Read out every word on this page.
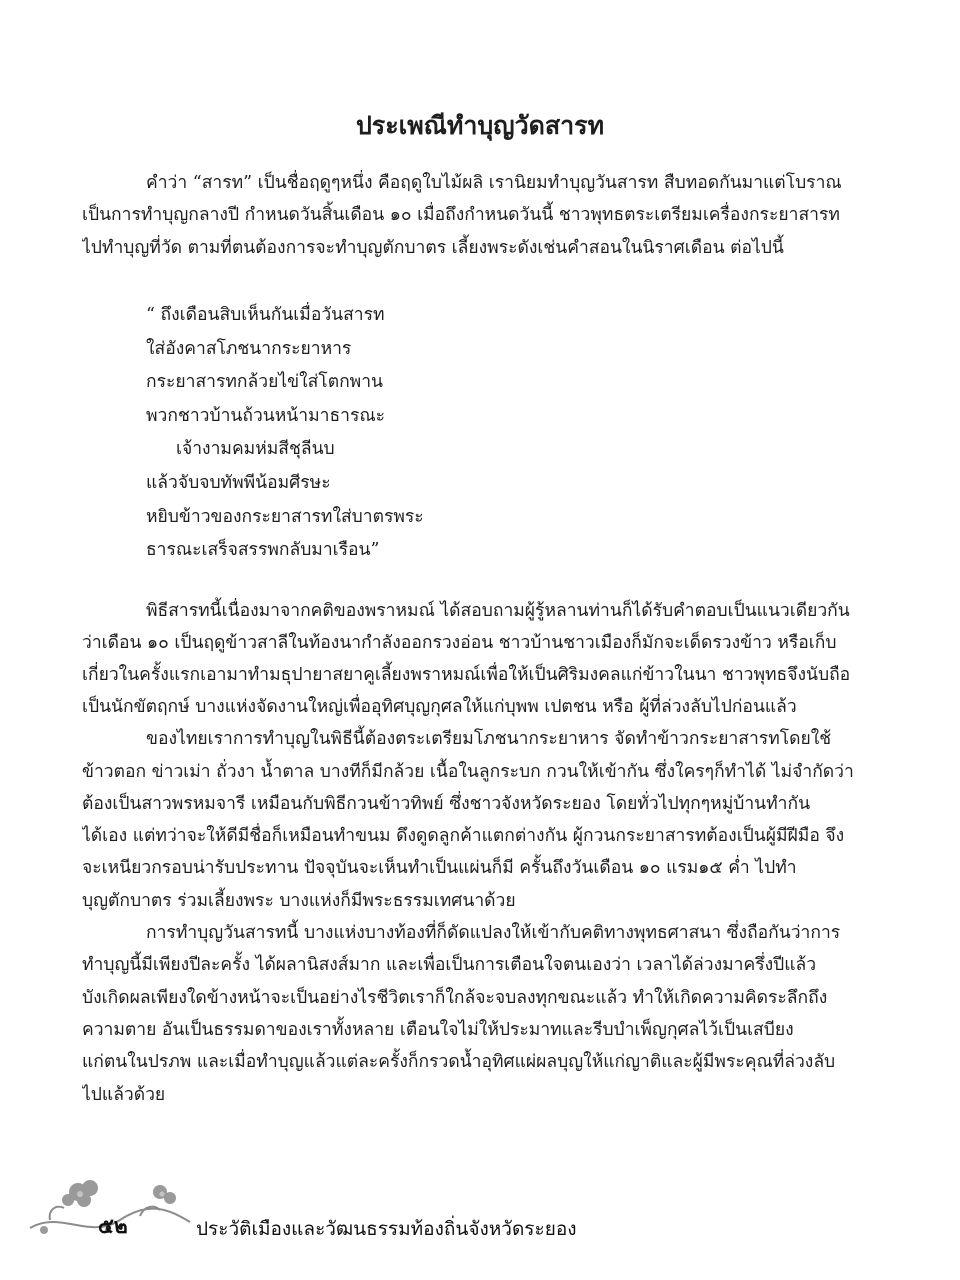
ประเพณีทำบุญวัดสารท
คำว่า “สารท” เป็นชื่อฤดูๆหนึ่ง คือฤดูใบไม้ผลิ เรานิยมทำบุญวันสารท สืบทอดกันมาแต่โบราณ
เป็นการทำบุญกลางปี กำหนดวันสิ้นเดือน ๑๐ เมื่อถึงกำหนดวันนี้ ชาวพุทธตระเตรียมเครื่องกระยาสารท
ไปทำบุญที่วัด ตามที่ตนต้องการจะทำบุญตักบาตร เลี้ยงพระดังเช่นคำสอนในนิราศเดือน ต่อไปนี้
“ ถึงเดือนสิบเห็นกันเมื่อวันสารท
ใส่อังคาสโภชนากระยาหาร
กระยาสารทกล้วยไข่ใส่โตกพาน
พวกชาวบ้านถ้วนหน้ามาธารณะ
เจ้างามคมห่มสีชุลีนบ
แล้วจับจบทัพพีน้อมศีรษะ
หยิบข้าวของกระยาสารทใส่บาตรพระ
ธารณะเสร็จสรรพกลับมาเรือน”
พิธีสารทนี้เนื่องมาจากคติของพราหมณ์ ได้สอบถามผู้รู้หลานท่านก็ได้รับคำตอบเป็นแนวเดียวกัน
ว่าเดือน ๑๐ เป็นฤดูข้าวสาลีในท้องนากำลังออกรวงอ่อน ชาวบ้านชาวเมืองก็มักจะเด็ดรวงข้าว หรือเก็บ
เกี่ยวในครั้งแรกเอามาทำมธุปายาสยาคูเลี้ยงพราหมณ์เพื่อให้เป็นศิริมงคลแก่ข้าวในนา ชาวพุทธจึงนับถือ
เป็นนักขัตฤกษ์ บางแห่งจัดงานใหญ่เพื่ออุทิศบุญกุศลให้แก่บุพพ เปตชน หรือ ผู้ที่ล่วงลับไปก่อนแล้ว
ของไทยเราการทำบุญในพิธีนี้ต้องตระเตรียมโภชนากระยาหาร จัดทำข้าวกระยาสารทโดยใช้
ข้าวตอก ข่าวเม่า ถั่วงา น้ำตาล บางทีก็มีกล้วย เนื้อในลูกระบก กวนให้เข้ากัน ซึ่งใครๆก็ทำได้ ไม่จำกัดว่า
ต้องเป็นสาวพรหมจารี เหมือนกับพิธีกวนข้าวทิพย์ ซึ่งชาวจังหวัดระยอง โดยทั่วไปทุกๆหมู่บ้านทำกัน
ได้เอง แต่ทว่าจะให้ดีมีชื่อก็เหมือนทำขนม ดึงดูดลูกค้าแตกต่างกัน ผู้กวนกระยาสารทต้องเป็นผู้มีฝีมือ จึง
จะเหนียวกรอบน่ารับประทาน ปัจจุบันจะเห็นทำเป็นแผ่นก็มี ครั้นถึงวันเดือน ๑๐ แรม๑๕ ค่ำ ไปทำ
บุญตักบาตร ร่วมเลี้ยงพระ บางแห่งก็มีพระธรรมเทศนาด้วย
การทำบุญวันสารทนี้ บางแห่งบางท้องที่ก็ดัดแปลงให้เข้ากับคติทางพุทธศาสนา ซึ่งถือกันว่าการ
ทำบุญนี้มีเพียงปีละครั้ง ได้ผลานิสงส์มาก และเพื่อเป็นการเตือนใจตนเองว่า เวลาได้ล่วงมาครึ่งปีแล้ว
บังเกิดผลเพียงใดข้างหน้าจะเป็นอย่างไรชีวิตเราก็ใกล้จะจบลงทุกขณะแล้ว ทำให้เกิดความคิดระลึกถึง
ความตาย อันเป็นธรรมดาของเราทั้งหลาย เตือนใจไม่ให้ประมาทและรีบบำเพ็ญกุศลไว้เป็นเสบียง
แก่ตนในปรภพ และเมื่อทำบุญแล้วแต่ละครั้งก็กรวดน้ำอุทิศแผ่ผลบุญให้แก่ญาติและผู้มีพระคุณที่ล่วงลับ
ไปแล้วด้วย
๕๒	ประวัติเมืองและวัฒนธรรมท้องถิ่นจังหวัดระยอง
